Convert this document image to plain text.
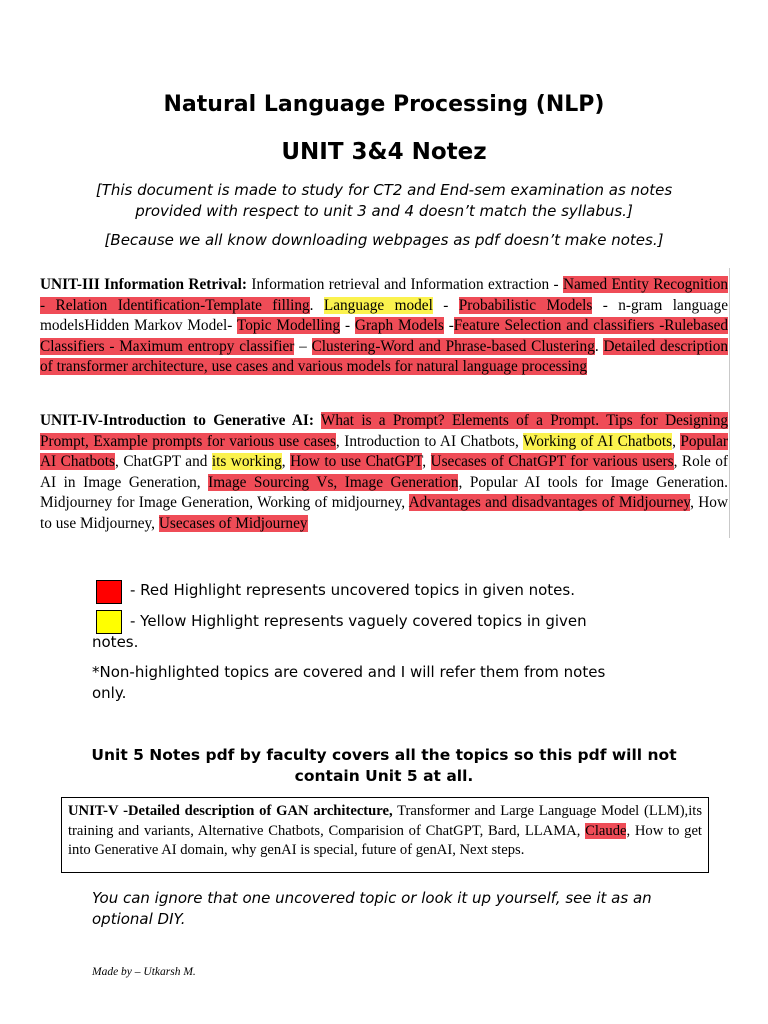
Natural Language Processing (NLP)
UNIT 3&4 Notez
[This document is made to study for CT2 and End-sem examination as notes
provided with respect to unit 3 and 4 doesn’t match the syllabus.]
[Because we all know downloading webpages as pdf doesn’t make notes.]
UNIT-III Information Retrival: Information retrieval and Information extraction - Named Entity Recognition - Relation Identification-Template filling. Language model - Probabilistic Models - n-gram language modelsHidden Markov Model- Topic Modelling - Graph Models -Feature Selection and classifiers -Rulebased Classifiers - Maximum entropy classifier – Clustering-Word and Phrase-based Clustering. Detailed description of transformer architecture, use cases and various models for natural language processing
UNIT-IV-Introduction to Generative AI: What is a Prompt? Elements of a Prompt. Tips for Designing Prompt, Example prompts for various use cases, Introduction to AI Chatbots, Working of AI Chatbots, Popular AI Chatbots, ChatGPT and its working, How to use ChatGPT, Usecases of ChatGPT for various users, Role of AI in Image Generation, Image Sourcing Vs, Image Generation, Popular AI tools for Image Generation. Midjourney for Image Generation, Working of midjourney, Advantages and disadvantages of Midjourney, How to use Midjourney, Usecases of Midjourney
- Red Highlight represents uncovered topics in given notes.
- Yellow Highlight represents vaguely covered topics in given
notes.
*Non-highlighted topics are covered and I will refer them from notes
only.
Unit 5 Notes pdf by faculty covers all the topics so this pdf will not
contain Unit 5 at all.
UNIT-V -Detailed description of GAN architecture, Transformer and Large Language Model (LLM),its training and variants, Alternative Chatbots, Comparision of ChatGPT, Bard, LLAMA, Claude, How to get into Generative AI domain, why genAI is special, future of genAI, Next steps.
You can ignore that one uncovered topic or look it up yourself, see it as an
optional DIY.
Made by – Utkarsh M.
